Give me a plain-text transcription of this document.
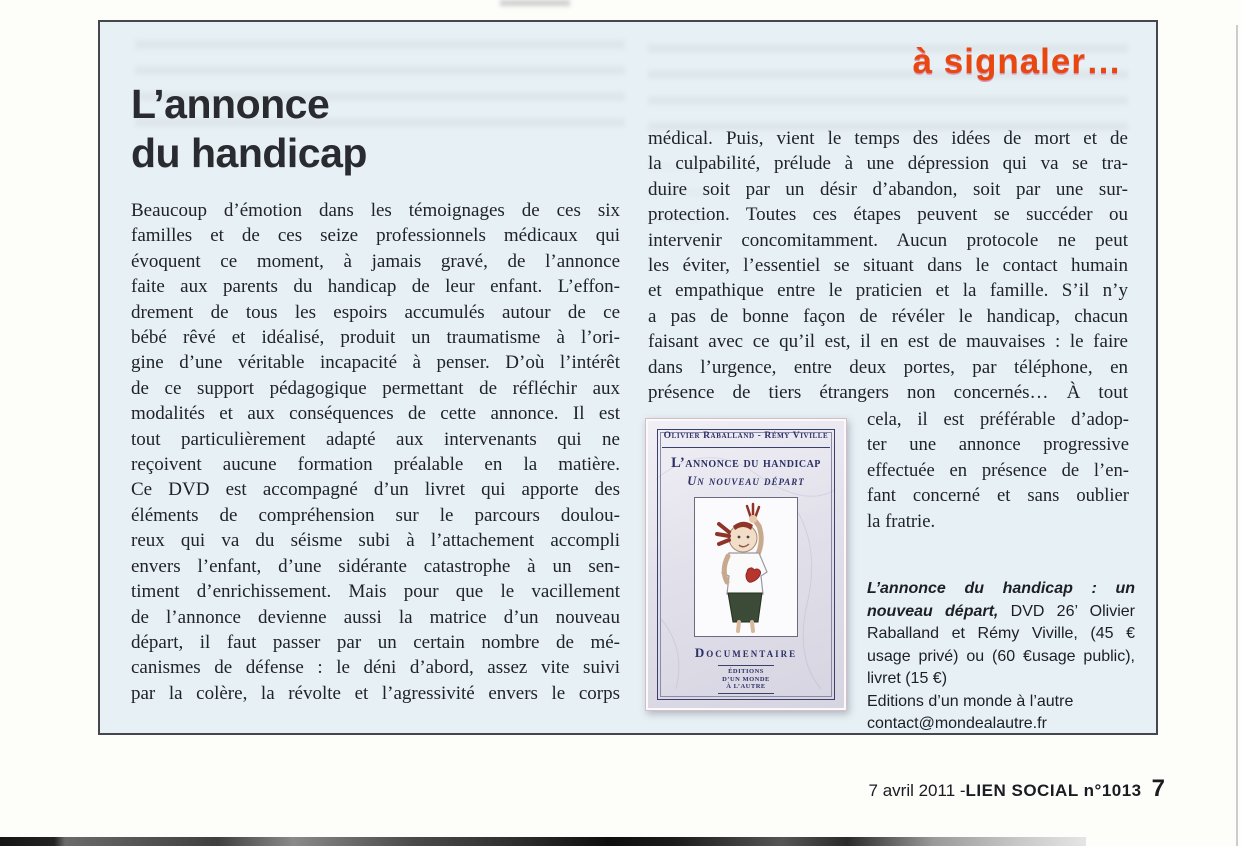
à signaler…
L’annonce
du handicap
Beaucoup d’émotion dans les témoignages de ces six
familles et de ces seize professionnels médicaux qui
évoquent ce moment, à jamais gravé, de l’annonce
faite aux parents du handicap de leur enfant. L’effon-
drement de tous les espoirs accumulés autour de ce
bébé rêvé et idéalisé, produit un traumatisme à l’ori-
gine d’une véritable incapacité à penser. D’où l’intérêt
de ce support pédagogique permettant de réfléchir aux
modalités et aux conséquences de cette annonce. Il est
tout particulièrement adapté aux intervenants qui ne
reçoivent aucune formation préalable en la matière.
Ce DVD est accompagné d’un livret qui apporte des
éléments de compréhension sur le parcours doulou-
reux qui va du séisme subi à l’attachement accompli
envers l’enfant, d’une sidérante catastrophe à un sen-
timent d’enrichissement. Mais pour que le vacillement
de l’annonce devienne aussi la matrice d’un nouveau
départ, il faut passer par un certain nombre de mé-
canismes de défense : le déni d’abord, assez vite suivi
par la colère, la révolte et l’agressivité envers le corps
médical. Puis, vient le temps des idées de mort et de
la culpabilité, prélude à une dépression qui va se tra-
duire soit par un désir d’abandon, soit par une sur-
protection. Toutes ces étapes peuvent se succéder ou
intervenir concomitamment. Aucun protocole ne peut
les éviter, l’essentiel se situant dans le contact humain
et empathique entre le praticien et la famille. S’il n’y
a pas de bonne façon de révéler le handicap, chacun
faisant avec ce qu’il est, il en est de mauvaises : le faire
dans l’urgence, entre deux portes, par téléphone, en
présence de tiers étrangers non concernés… À tout
cela, il est préférable d’adop-
ter une annonce progressive
effectuée en présence de l’en-
fant concerné et sans oublier
la fratrie.
Olivier Raballand - Rémy Viville
L’annonce du handicap
Un nouveau départ
Documentaire
ÉDITIONS
D’UN MONDE
À L’AUTRE
L’annonce du handicap : un nouveau départ, DVD 26’ Olivier Raballand et Rémy Viville, (45 € usage privé) ou (60 €usage public), livret (15 €)
Editions d’un monde à l’autre
contact@mondealautre.fr
7 avril 2011 - LIEN SOCIAL n°1013 7
